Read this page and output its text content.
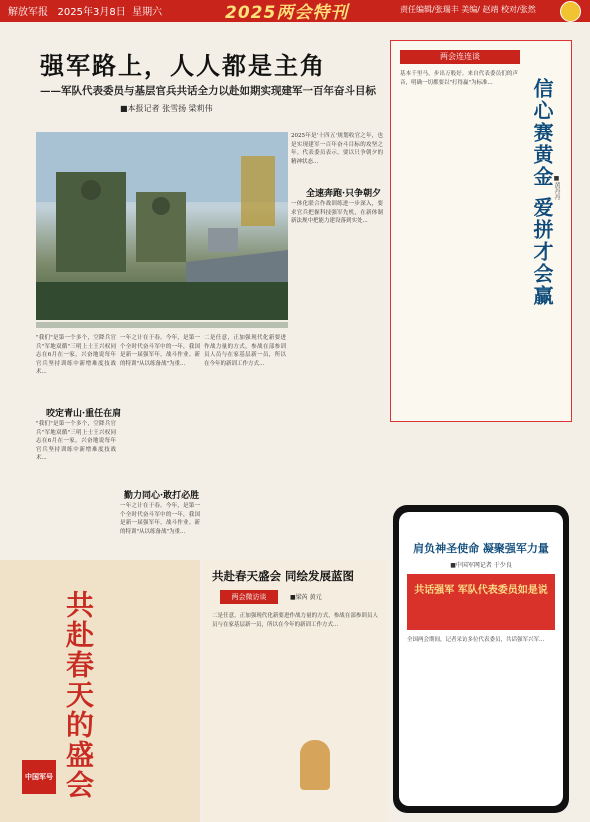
解放军报 2025年3月8日 星期六	2025两会特刊	责任编辑/张瑞丰 美编/ 赵靖 校对/张然
强军路上，人人都是主角
——军队代表委员与基层官兵共话全力以赴如期实现建军一百年奋斗目标
■本报记者 张雪扬 梁莉伟
2025年是'十四五'规划收官之年，也是实现建军一百年奋斗目标的攻坚之年。代表委员表示，要以只争朝夕的精神状态...
全速奔跑·只争朝夕
一体化联合作战训练进一步深入，要求官兵把握科技强军先机，在新体制新法规中把能力建设落到实处...
"我们"是第一个多个，空降兵官兵"军地双循"三明上士王兴权同志在6月在一家，兴奋地说每年官兵坚持训练中新增难度技战术...
咬定青山·重任在肩
"我们"是第一个多个，空降兵官兵"军地双循"三明上士王兴权同志在6月在一家，兴奋地说每年官兵坚持训练中新增难度技战术...
一年之计在于春。今年，是第一个全时代奋斗军中的一年，我国是新一届强军年，战斗作业。新的特训"从以练备战"为重...
勤力同心·敢打必胜
一年之计在于春。今年，是第一个全时代奋斗军中的一年，我国是新一届强军年，战斗作业。新的特训"从以练备战"为重...
二是任意，正加强现代化新要进作战力量的方式，参战在部参训员人员与在家基层新一员，所以在今年的新训工作方式...
两会连连谈
基本千里马，步出万般好。来自代表委员们的声音，明确一切都要以"打得赢"为标准...	信心赛黄金 爱拼才会赢 ■黄丹丹
肩负神圣使命 凝聚强军力量
■中国军网记者 于少良
共话强军 军队代表委员如是说
全国两会期间，记者采访多位代表委员，共话强军兴军...
共赴春天的盛会
中国军号
共赴春天盛会 同绘发展蓝图
两会微访谈	■梁芮 黄元
二是任意，正加强现代化新要进作战力量的方式，参战在部参训员人员与在家基层新一员，所以在今年的新训工作方式...
